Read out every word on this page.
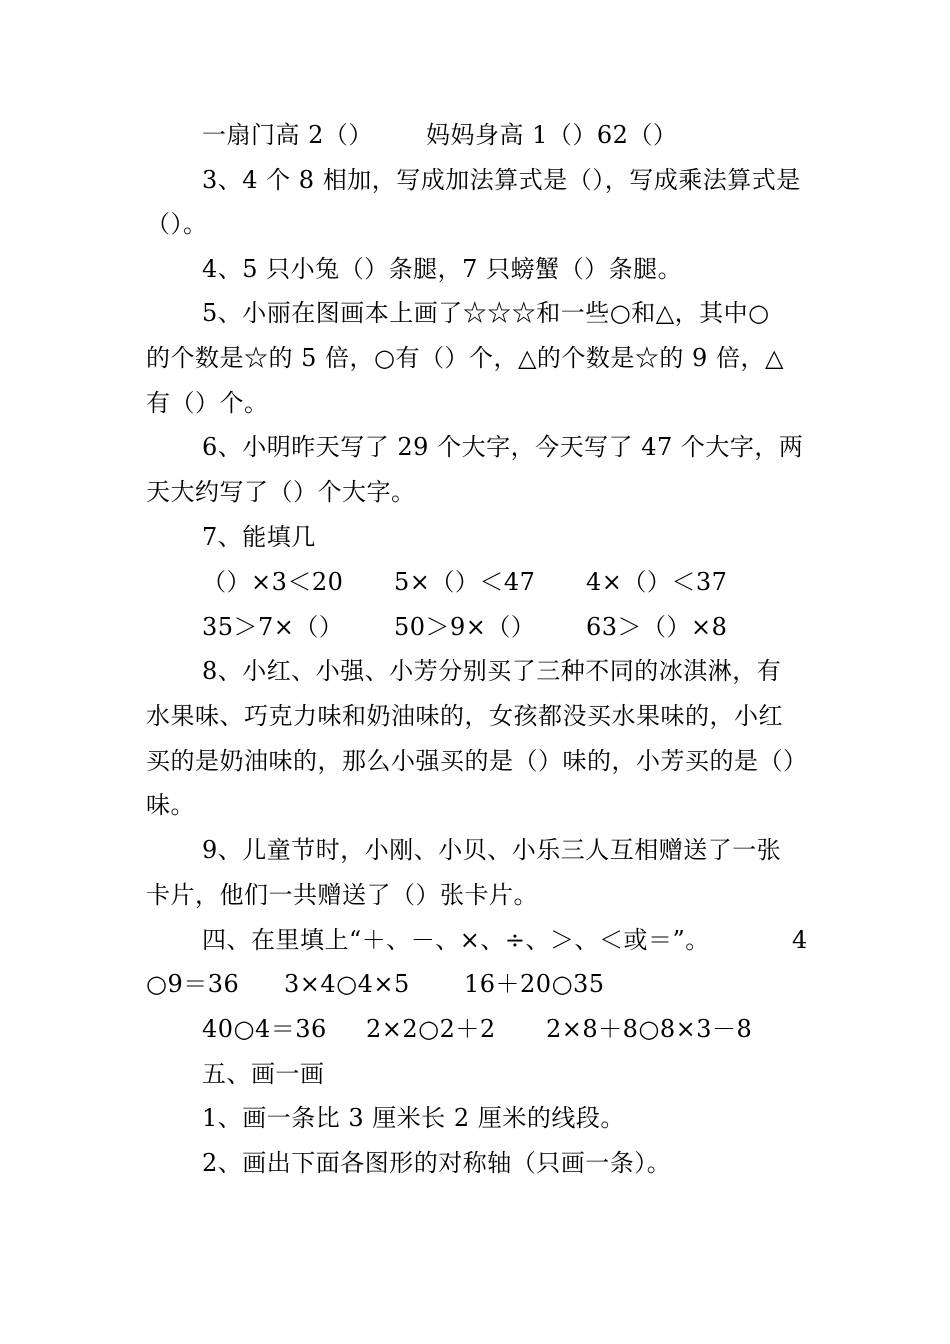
一扇门高 2（） 妈妈身高 1（）62（）
3、4 个 8 相加，写成加法算式是（），写成乘法算式是
（）。
4、5 只小兔（）条腿，7 只螃蟹（）条腿。
5、小丽在图画本上画了☆☆☆和一些○和△，其中○
的个数是☆的 5 倍，○有（）个，△的个数是☆的 9 倍，△
有（）个。
6、小明昨天写了 29 个大字，今天写了 47 个大字，两
天大约写了（）个大字。
7、能填几
（）×3＜20 5×（）＜47 4×（）＜37
35＞7×（） 50＞9×（） 63＞（）×8
8、小红、小强、小芳分别买了三种不同的冰淇淋，有
水果味、巧克力味和奶油味的，女孩都没买水果味的，小红
买的是奶油味的，那么小强买的是（）味的，小芳买的是（）
味。
9、儿童节时，小刚、小贝、小乐三人互相赠送了一张
卡片，他们一共赠送了（）张卡片。
四、在里填上“＋、－、×、÷、＞、＜或＝”。	4
○9＝36 3×4○4×5 16＋20○35
40○4＝36 2×2○2＋2 2×8＋8○8×3－8
五、画一画
1、画一条比 3 厘米长 2 厘米的线段。
2、画出下面各图形的对称轴（只画一条）。
